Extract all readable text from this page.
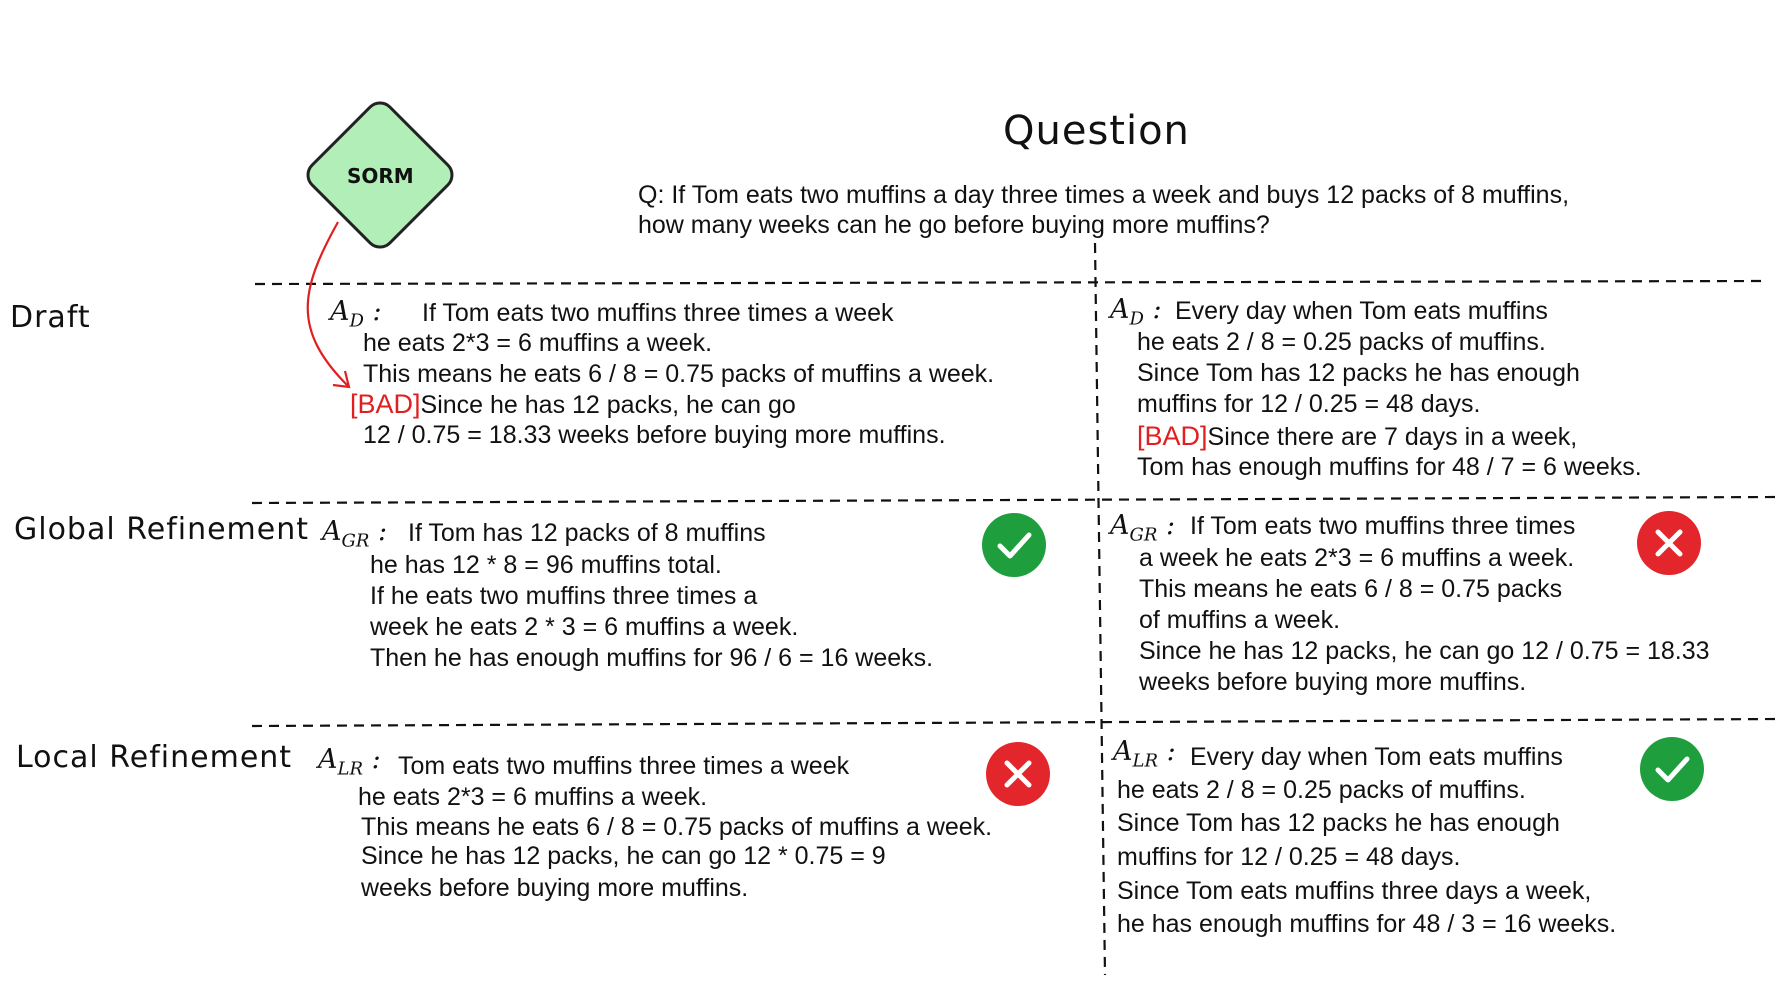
SORM
Question
Q: If Tom eats two muffins a day three times a week and buys 12 packs of 8 muffins,
how many weeks can he go before buying more muffins?
Draft
Global Refinement
Local Refinement
$A_D$ : If Tom eats two muffins three times a week
he eats 2*3 = 6 muffins a week.
This means he eats 6 / 8 = 0.75 packs of muffins a week.
[BAD]Since he has 12 packs, he can go
12 / 0.75 = 18.33 weeks before buying more muffins.
$A_D$ : Every day when Tom eats muffins
he eats 2 / 8 = 0.25 packs of muffins.
Since Tom has 12 packs he has enough
muffins for 12 / 0.25 = 48 days.
[BAD]Since there are 7 days in a week,
Tom has enough muffins for 48 / 7 = 6 weeks.
$A_{GR}$ : If Tom has 12 packs of 8 muffins
he has 12 * 8 = 96 muffins total.
If he eats two muffins three times a
week he eats 2 * 3 = 6 muffins a week.
Then he has enough muffins for 96 / 6 = 16 weeks.
$A_{GR}$ : If Tom eats two muffins three times
a week he eats 2*3 = 6 muffins a week.
This means he eats 6 / 8 = 0.75 packs
of muffins a week.
Since he has 12 packs, he can go 12 / 0.75 = 18.33
weeks before buying more muffins.
$A_{LR}$ : Tom eats two muffins three times a week
he eats 2*3 = 6 muffins a week.
This means he eats 6 / 8 = 0.75 packs of muffins a week.
Since he has 12 packs, he can go 12 * 0.75 = 9
weeks before buying more muffins.
$A_{LR}$ : Every day when Tom eats muffins
he eats 2 / 8 = 0.25 packs of muffins.
Since Tom has 12 packs he has enough
muffins for 12 / 0.25 = 48 days.
Since Tom eats muffins three days a week,
he has enough muffins for 48 / 3 = 16 weeks.
